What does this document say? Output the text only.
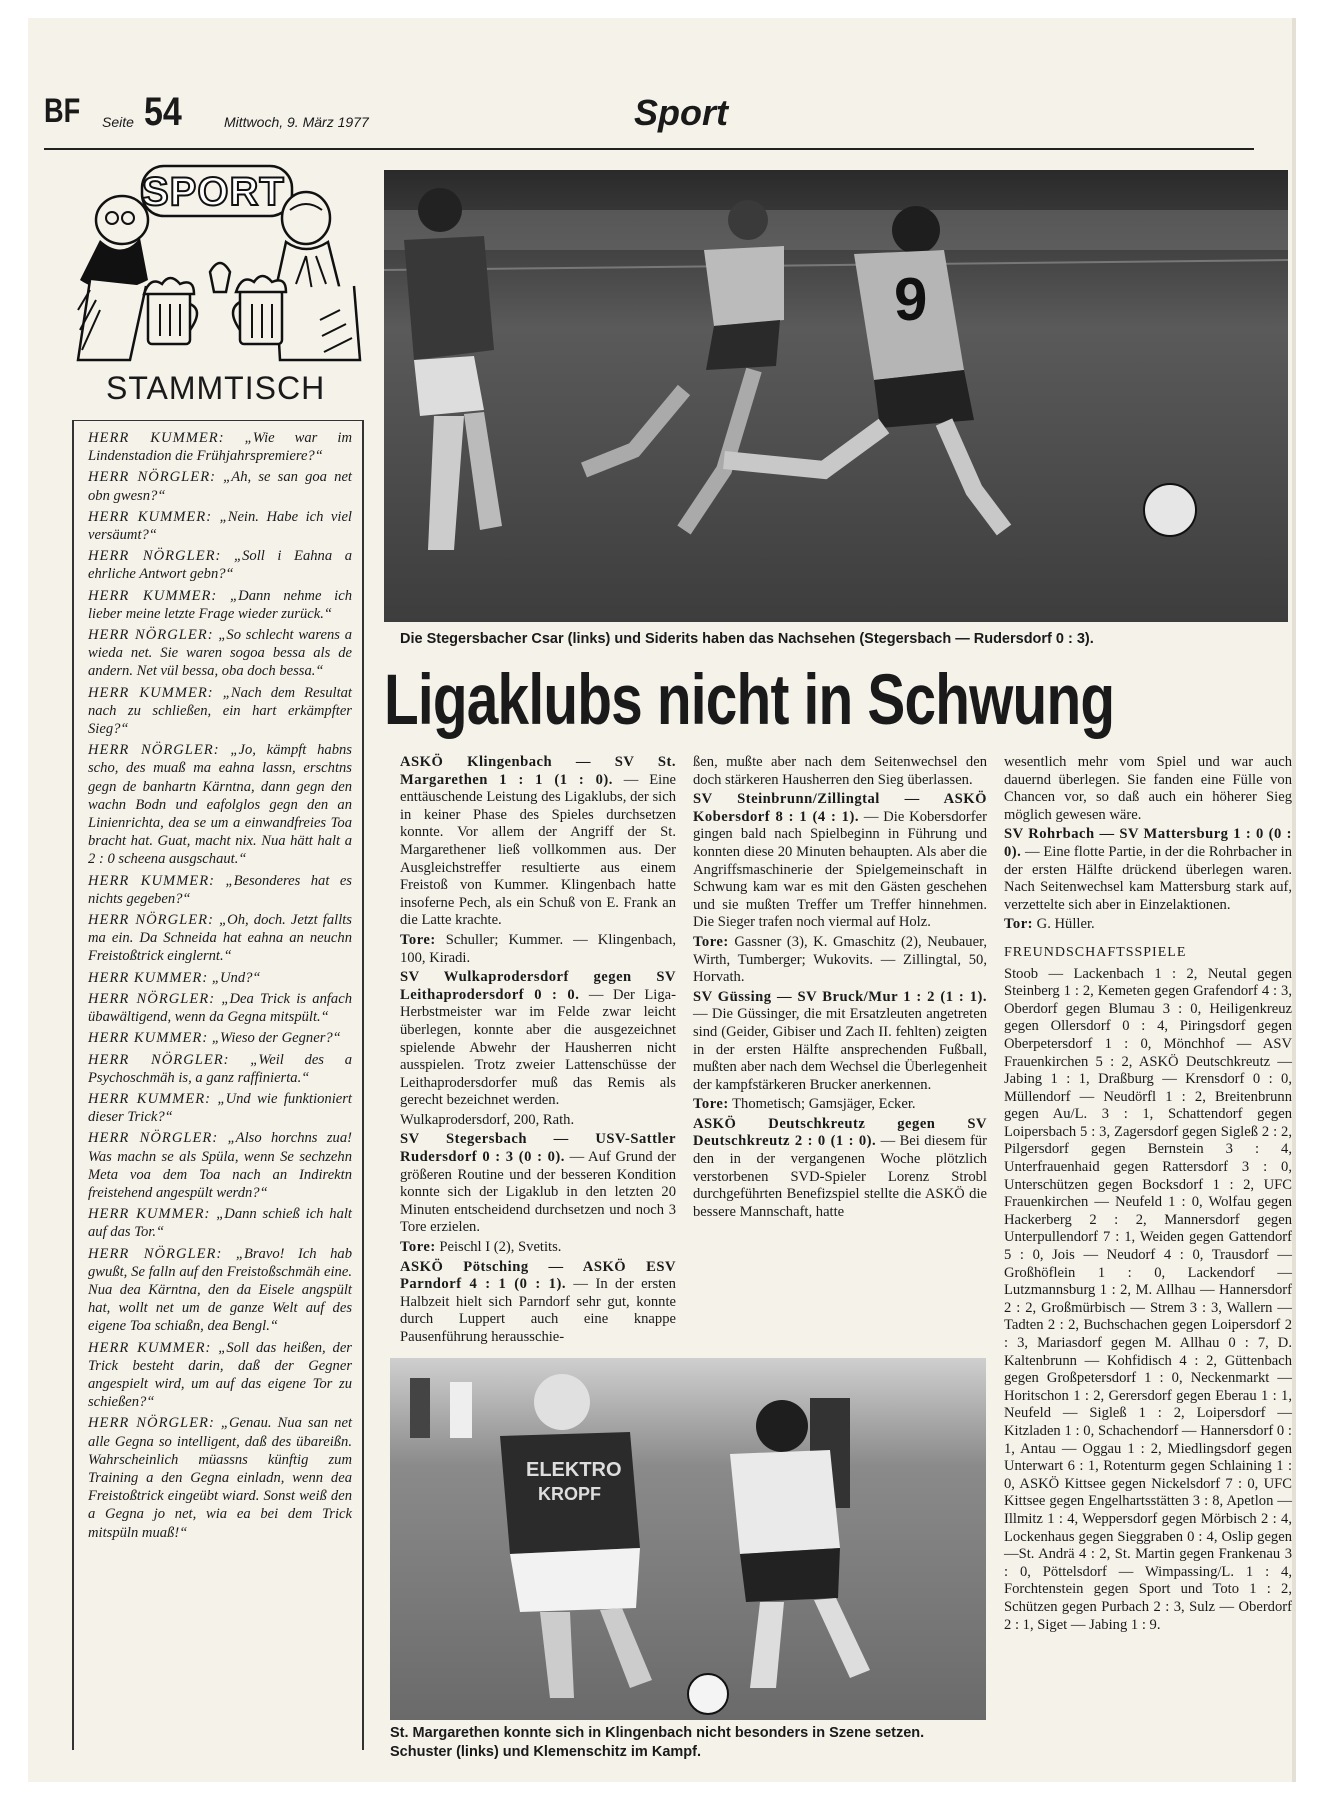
BF Seite 54	Mittwoch, 9. März 1977	Sport
SPORT
STAMMTISCH

HERR KUMMER: „Wie war im Lindenstadion die Frühjahrspremiere?“

HERR NÖRGLER: „Ah, se san goa net obn gwesn?“

HERR KUMMER: „Nein. Habe ich viel versäumt?“

HERR NÖRGLER: „Soll i Eahna a ehrliche Antwort gebn?“

HERR KUMMER: „Dann nehme ich lieber meine letzte Frage wieder zurück.“

HERR NÖRGLER: „So schlecht warens a wieda net. Sie waren sogoa bessa als de andern. Net vül bessa, oba doch bessa.“

HERR KUMMER: „Nach dem Resultat nach zu schließen, ein hart erkämpfter Sieg?“

HERR NÖRGLER: „Jo, kämpft habns scho, des muaß ma eahna lassn, erschtns gegn de banhartn Kärntna, dann gegn den wachn Bodn und eafolglos gegn den an Linienrichta, dea se um a einwandfreies Toa bracht hat. Guat, macht nix. Nua hätt halt a 2 : 0 scheena ausgschaut.“

HERR KUMMER: „Besonderes hat es nichts gegeben?“

HERR NÖRGLER: „Oh, doch. Jetzt fallts ma ein. Da Schneida hat eahna an neuchn Freistoßtrick einglernt.“

HERR KUMMER: „Und?“

HERR NÖRGLER: „Dea Trick is anfach übawältigend, wenn da Gegna mitspült.“

HERR KUMMER: „Wieso der Gegner?“

HERR NÖRGLER: „Weil des a Psychoschmäh is, a ganz raffinierta.“

HERR KUMMER: „Und wie funktioniert dieser Trick?“

HERR NÖRGLER: „Also horchns zua! Was machn se als Spüla, wenn Se sechzehn Meta voa dem Toa nach an Indirektn freistehend angespült werdn?“

HERR KUMMER: „Dann schieß ich halt auf das Tor.“

HERR NÖRGLER: „Bravo! Ich hab gwußt, Se falln auf den Freistoßschmäh eine. Nua dea Kärntna, den da Eisele angspült hat, wollt net um de ganze Welt auf des eigene Toa schiaßn, dea Bengl.“

HERR KUMMER: „Soll das heißen, der Trick besteht darin, daß der Gegner angespielt wird, um auf das eigene Tor zu schießen?“

HERR NÖRGLER: „Genau. Nua san net alle Gegna so intelligent, daß des übareißn. Wahrscheinlich müassns künftig zum Training a den Gegna einladn, wenn dea Freistoßtrick eingeübt wiard. Sonst weiß den a Gegna jo net, wia ea bei dem Trick mitspüln muaß!“

9
Die Stegersbacher Csar (links) und Siderits haben das Nachsehen (Stegersbach — Rudersdorf 0 : 3).
Ligaklubs nicht in Schwung

ASKÖ Klingenbach — SV St. Margarethen 1 : 1 (1 : 0). — Eine enttäuschende Leistung des Ligaklubs, der sich in keiner Phase des Spieles durchsetzen konnte. Vor allem der Angriff der St. Margarethener ließ vollkommen aus. Der Ausgleichstreffer resultierte aus einem Freistoß von Kummer. Klingenbach hatte insoferne Pech, als ein Schuß von E. Frank an die Latte krachte.

Tore: Schuller; Kummer. — Klingenbach, 100, Kiradi.

SV Wulkaprodersdorf gegen SV Leithaprodersdorf 0 : 0. — Der Liga-Herbstmeister war im Felde zwar leicht überlegen, konnte aber die ausgezeichnet spielende Abwehr der Hausherren nicht ausspielen. Trotz zweier Lattenschüsse der Leithaprodersdorfer muß das Remis als gerecht bezeichnet werden.

Wulkaprodersdorf, 200, Rath.

SV Stegersbach — USV-Sattler Rudersdorf 0 : 3 (0 : 0). — Auf Grund der größeren Routine und der besseren Kondition konnte sich der Ligaklub in den letzten 20 Minuten entscheidend durchsetzen und noch 3 Tore erzielen.

Tore: Peischl I (2), Svetits.

ASKÖ Pötsching — ASKÖ ESV Parndorf 4 : 1 (0 : 1). — In der ersten Halbzeit hielt sich Parndorf sehr gut, konnte durch Luppert auch eine knappe Pausenführung herausschie-

ßen, mußte aber nach dem Seitenwechsel den doch stärkeren Hausherren den Sieg überlassen.

SV Steinbrunn/Zillingtal — ASKÖ Kobersdorf 8 : 1 (4 : 1). — Die Kobersdorfer gingen bald nach Spielbeginn in Führung und konnten diese 20 Minuten behaupten. Als aber die Angriffsmaschinerie der Spielgemeinschaft in Schwung kam war es mit den Gästen geschehen und sie mußten Treffer um Treffer hinnehmen. Die Sieger trafen noch viermal auf Holz.

Tore: Gassner (3), K. Gmaschitz (2), Neubauer, Wirth, Tumberger; Wukovits. — Zillingtal, 50, Horvath.

SV Güssing — SV Bruck/Mur 1 : 2 (1 : 1). — Die Güssinger, die mit Ersatzleuten angetreten sind (Geider, Gibiser und Zach II. fehlten) zeigten in der ersten Hälfte ansprechenden Fußball, mußten aber nach dem Wechsel die Überlegenheit der kampfstärkeren Brucker anerkennen.

Tore: Thometisch; Gamsjäger, Ecker.

ASKÖ Deutschkreutz gegen SV Deutschkreutz 2 : 0 (1 : 0). — Bei diesem für den in der vergangenen Woche plötzlich verstorbenen SVD-Spieler Lorenz Strobl durchgeführten Benefizspiel stellte die ASKÖ die bessere Mannschaft, hatte

wesentlich mehr vom Spiel und war auch dauernd überlegen. Sie fanden eine Fülle von Chancen vor, so daß auch ein höherer Sieg möglich gewesen wäre.

SV Rohrbach — SV Mattersburg 1 : 0 (0 : 0). — Eine flotte Partie, in der die Rohrbacher in der ersten Hälfte drückend überlegen waren. Nach Seitenwechsel kam Mattersburg stark auf, verzettelte sich aber in Einzelaktionen.

Tor: G. Hüller.

FREUNDSCHAFTSSPIELE

Stoob — Lackenbach 1 : 2, Neutal gegen Steinberg 1 : 2, Kemeten gegen Grafendorf 4 : 3, Oberdorf gegen Blumau 3 : 0, Heiligenkreuz gegen Ollersdorf 0 : 4, Piringsdorf gegen Oberpetersdorf 1 : 0, Mönchhof — ASV Frauenkirchen 5 : 2, ASKÖ Deutschkreutz — Jabing 1 : 1, Draßburg — Krensdorf 0 : 0, Müllendorf — Neudörfl 1 : 2, Breitenbrunn gegen Au/L. 3 : 1, Schattendorf gegen Loipersbach 5 : 3, Zagersdorf gegen Sigleß 2 : 2, Pilgersdorf gegen Bernstein 3 : 4, Unterfrauenhaid gegen Rattersdorf 3 : 0, Unterschützen gegen Bocksdorf 1 : 2, UFC Frauenkirchen — Neufeld 1 : 0, Wolfau gegen Hackerberg 2 : 2, Mannersdorf gegen Unterpullendorf 7 : 1, Weiden gegen Gattendorf 5 : 0, Jois — Neudorf 4 : 0, Trausdorf — Großhöflein 1 : 0, Lackendorf — Lutzmannsburg 1 : 2, M. Allhau — Hannersdorf 2 : 2, Großmürbisch — Strem 3 : 3, Wallern — Tadten 2 : 2, Buchschachen gegen Loipersdorf 2 : 3, Mariasdorf gegen M. Allhau 0 : 7, D. Kaltenbrunn — Kohfidisch 4 : 2, Güttenbach gegen Großpetersdorf 1 : 0, Neckenmarkt — Horitschon 1 : 2, Gerersdorf gegen Eberau 1 : 1, Neufeld — Sigleß 1 : 2, Loipersdorf — Kitzladen 1 : 0, Schachendorf — Hannersdorf 0 : 1, Antau — Oggau 1 : 2, Miedlingsdorf gegen Unterwart 6 : 1, Rotenturm gegen Schlaining 1 : 0, ASKÖ Kittsee gegen Nickelsdorf 7 : 0, UFC Kittsee gegen Engelhartsstätten 3 : 8, Apetlon — Illmitz 1 : 4, Weppersdorf gegen Mörbisch 2 : 4, Lockenhaus gegen Sieggraben 0 : 4, Oslip gegen —St. Andrä 4 : 2, St. Martin gegen Frankenau 3 : 0, Pöttelsdorf — Wimpassing/L. 1 : 4, Forchtenstein gegen Sport und Toto 1 : 2, Schützen gegen Purbach 2 : 3, Sulz — Oberdorf 2 : 1, Siget — Jabing 1 : 9.

ELEKTRO
KROPF
St. Margarethen konnte sich in Klingenbach nicht besonders in Szene setzen. Schuster (links) und Klemenschitz im Kampf.
